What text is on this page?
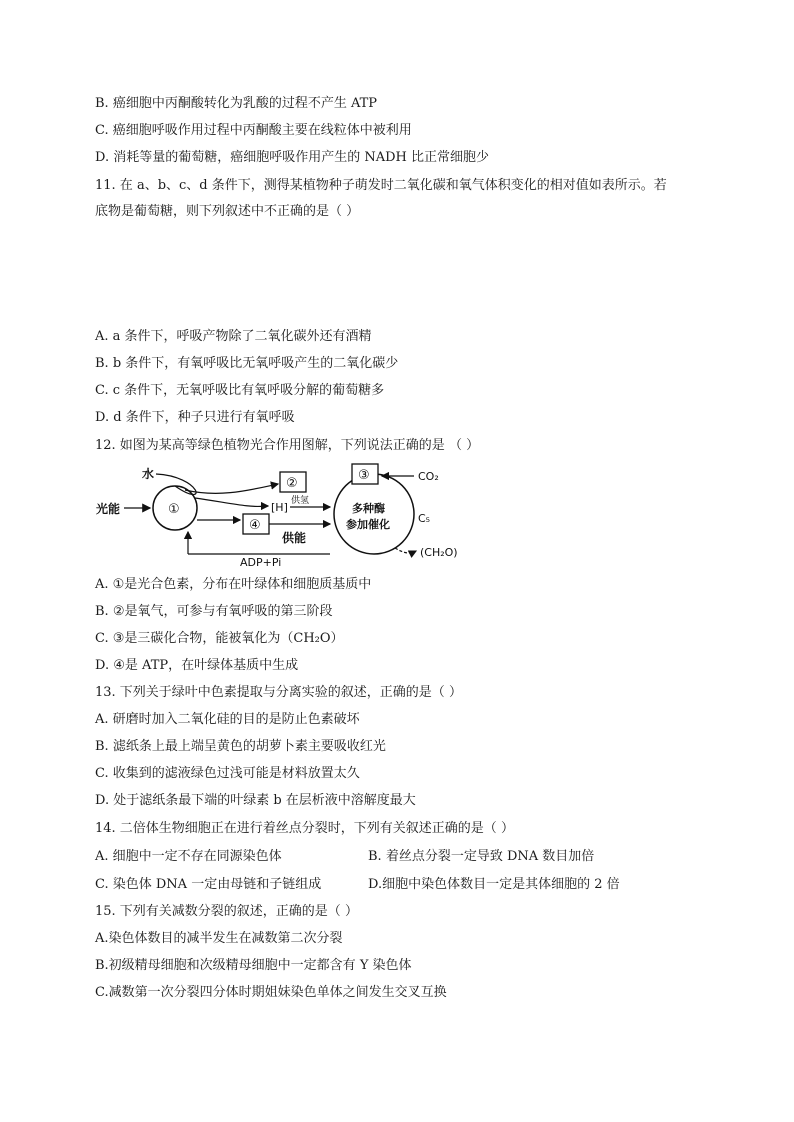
B. 癌细胞中丙酮酸转化为乳酸的过程不产生 ATP
C. 癌细胞呼吸作用过程中丙酮酸主要在线粒体中被利用
D. 消耗等量的葡萄糖，癌细胞呼吸作用产生的 NADH 比正常细胞少
11. 在 a、b、c、d 条件下，测得某植物种子萌发时二氧化碳和氧气体积变化的相对值如表所示。若
底物是葡萄糖，则下列叙述中不正确的是（ ）
A. a 条件下，呼吸产物除了二氧化碳外还有酒精
B. b 条件下，有氧呼吸比无氧呼吸产生的二氧化碳少
C. c 条件下，无氧呼吸比有氧呼吸分解的葡萄糖多
D. d 条件下，种子只进行有氧呼吸
12. 如图为某高等绿色植物光合作用图解，下列说法正确的是 （ ）
光能	①
水
②
[H] 供氢
④
供能
ADP+Pi
多种酶
参加催化
③	CO₂
C₅
(CH₂O)
A. ①是光合色素，分布在叶绿体和细胞质基质中
B. ②是氧气，可参与有氧呼吸的第三阶段
C. ③是三碳化合物，能被氧化为（CH₂O）
D. ④是 ATP，在叶绿体基质中生成
13. 下列关于绿叶中色素提取与分离实验的叙述，正确的是（ ）
A. 研磨时加入二氧化硅的目的是防止色素破坏
B. 滤纸条上最上端呈黄色的胡萝卜素主要吸收红光
C. 收集到的滤液绿色过浅可能是材料放置太久
D. 处于滤纸条最下端的叶绿素 b 在层析液中溶解度最大
14. 二倍体生物细胞正在进行着丝点分裂时，下列有关叙述正确的是（ ）
A. 细胞中一定不存在同源染色体	B. 着丝点分裂一定导致 DNA 数目加倍
C. 染色体 DNA 一定由母链和子链组成	D.细胞中染色体数目一定是其体细胞的 2 倍
15. 下列有关减数分裂的叙述，正确的是（ ）
A.染色体数目的减半发生在减数第二次分裂
B.初级精母细胞和次级精母细胞中一定都含有 Y 染色体
C.减数第一次分裂四分体时期姐妹染色单体之间发生交叉互换
